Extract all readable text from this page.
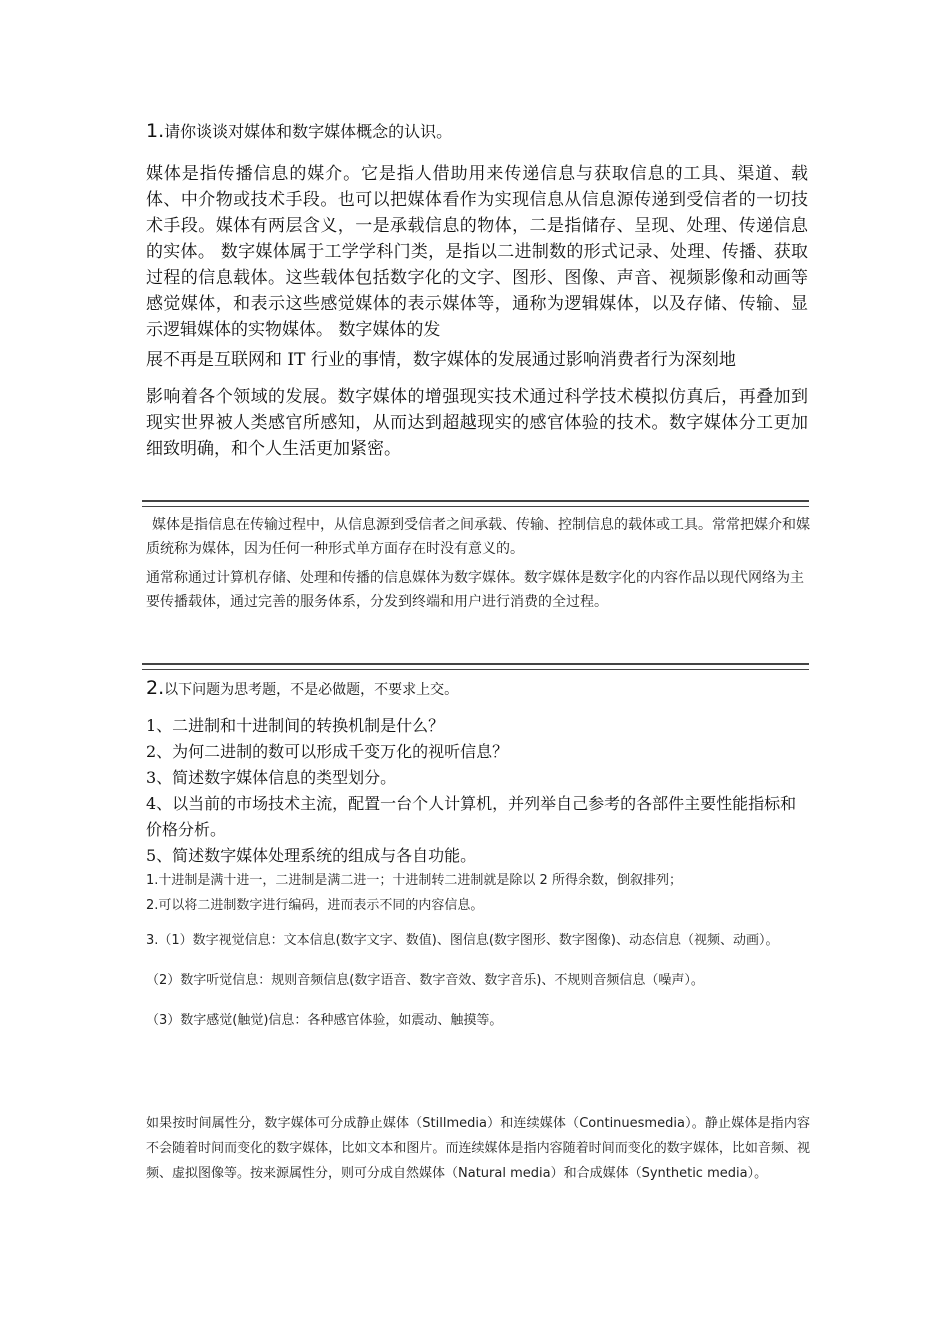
1.请你谈谈对媒体和数字媒体概念的认识。
媒体是指传播信息的媒介。它是指人借助用来传递信息与获取信息的工具、渠道、载体、中介物或技术手段。也可以把媒体看作为实现信息从信息源传递到受信者的一切技术手段。媒体有两层含义，一是承载信息的物体，二是指储存、呈现、处理、传递信息的实体。 数字媒体属于工学学科门类，是指以二进制数的形式记录、处理、传播、获取过程的信息载体。这些载体包括数字化的文字、图形、图像、声音、视频影像和动画等感觉媒体，和表示这些感觉媒体的表示媒体等，通称为逻辑媒体，以及存储、传输、显示逻辑媒体的实物媒体。 数字媒体的发
展不再是互联网和 IT 行业的事情，数字媒体的发展通过影响消费者行为深刻地
影响着各个领域的发展。数字媒体的增强现实技术通过科学技术模拟仿真后，再叠加到现实世界被人类感官所感知，从而达到超越现实的感官体验的技术。数字媒体分工更加细致明确，和个人生活更加紧密。
媒体是指信息在传输过程中，从信息源到受信者之间承载、传输、控制信息的载体或工具。常常把媒介和媒质统称为媒体，因为任何一种形式单方面存在时没有意义的。
通常称通过计算机存储、处理和传播的信息媒体为数字媒体。数字媒体是数字化的内容作品以现代网络为主要传播载体，通过完善的服务体系，分发到终端和用户进行消费的全过程。
2.以下问题为思考题，不是必做题，不要求上交。
1、二进制和十进制间的转换机制是什么？
2、为何二进制的数可以形成千变万化的视听信息？
3、简述数字媒体信息的类型划分。
4、以当前的市场技术主流，配置一台个人计算机，并列举自己参考的各部件主要性能指标和价格分析。
5、简述数字媒体处理系统的组成与各自功能。
1.十进制是满十进一，二进制是满二进一；十进制转二进制就是除以 2 所得余数，倒叙排列；
2.可以将二进制数字进行编码，进而表示不同的内容信息。
3.（1）数字视觉信息：文本信息(数字文字、数值)、图信息(数字图形、数字图像)、动态信息（视频、动画）。
（2）数字听觉信息：规则音频信息(数字语音、数字音效、数字音乐)、不规则音频信息（噪声）。
（3）数字感觉(触觉)信息：各种感官体验，如震动、触摸等。
如果按时间属性分，数字媒体可分成静止媒体（Stillmedia）和连续媒体（Continuesmedia）。静止媒体是指内容不会随着时间而变化的数字媒体，比如文本和图片。而连续媒体是指内容随着时间而变化的数字媒体，比如音频、视频、虚拟图像等。按来源属性分，则可分成自然媒体（Natural media）和合成媒体（Synthetic media）。
